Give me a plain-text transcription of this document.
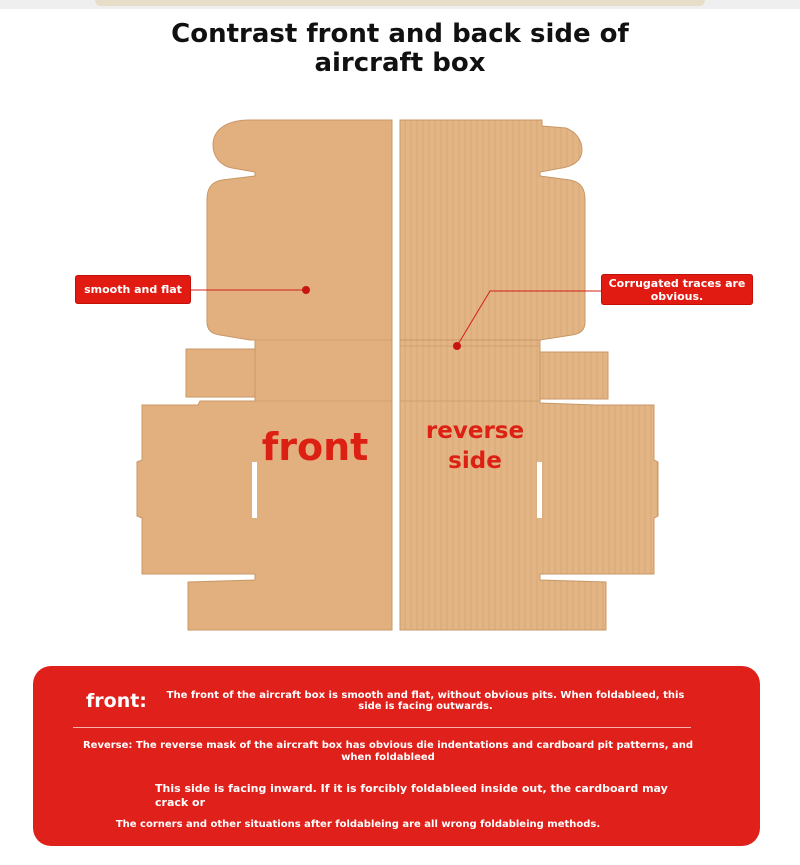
Contrast front and back side of
aircraft box
smooth and flat	Corrugated traces are obvious.
front	reverse
side
front:	The front of the aircraft box is smooth and flat, without obvious pits. When foldableed, this side is facing outwards.
Reverse: The reverse mask of the aircraft box has obvious die indentations and cardboard pit patterns, and when foldableed
This side is facing inward. If it is forcibly foldableed inside out, the cardboard may crack or
The corners and other situations after foldableing are all wrong foldableing methods.
